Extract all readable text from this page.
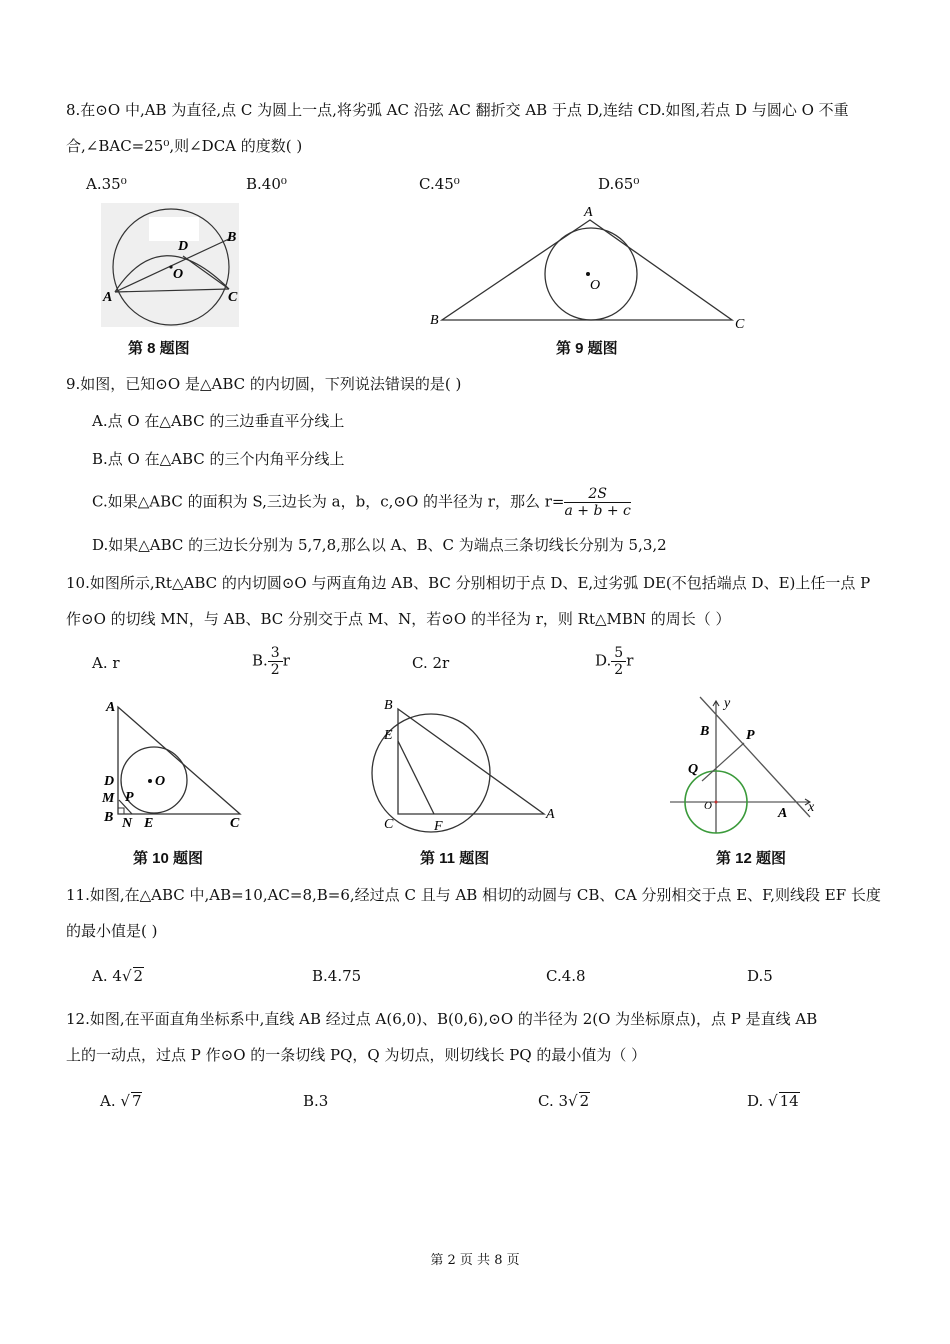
8.在⊙O 中,AB 为直径,点 C 为圆上一点,将劣弧 AC 沿弦 AC 翻折交 AB 于点 D,连结 CD.如图,若点 D 与圆心 O 不重
合,∠BAC=25⁰,则∠DCA 的度数( )
A.35⁰	B.40⁰	C.45⁰	D.65⁰
D
B
O
A	C
第 8 题图
A
O
B	C
第 9 题图
9.如图，已知⊙O 是△ABC 的内切圆，下列说法错误的是( )
A.点 O 在△ABC 的三边垂直平分线上
B.点 O 在△ABC 的三个内角平分线上
C.如果△ABC 的面积为 S,三边长为 a，b，c,⊙O 的半径为 r，那么 $r= \frac{2S}{a + b + c}$
D.如果△ABC 的三边长分别为 5,7,8,那么以 A、B、C 为端点三条切线长分别为 5,3,2
10.如图所示,Rt△ABC 的内切圆⊙O 与两直角边 AB、BC 分别相切于点 D、E,过劣弧 DE(不包括端点 D、E)上任一点 P
作⊙O 的切线 MN，与 AB、BC 分别交于点 M、N，若⊙O 的半径为 r，则 Rt△MBN 的周长（ ）
A. r	B. $\frac{3}{2}$ r	C. 2r	D. $\frac{5}{2}$ r
A
D
M P
O
B N E	C
第 10 题图
B
E
C	F
A
第 11 题图
y
B	P
Q
O	A x
第 12 题图
11.如图,在△ABC 中,AB=10,AC=8,B=6,经过点 C 且与 AB 相切的动圆与 CB、CA 分别相交于点 E、F,则线段 EF 长度
的最小值是( )
A. 4√ 2	B.4.75	C.4.8	D.5
12.如图,在平面直角坐标系中,直线 AB 经过点 A(6,0)、B(0,6),⊙O 的半径为 2(O 为坐标原点)，点 P 是直线 AB
上的一动点，过点 P 作⊙O 的一条切线 PQ，Q 为切点，则切线长 PQ 的最小值为（ ）
A. √ 7	B.3	C. 3√ 2	D. √ 14
第 2 页 共 8 页
